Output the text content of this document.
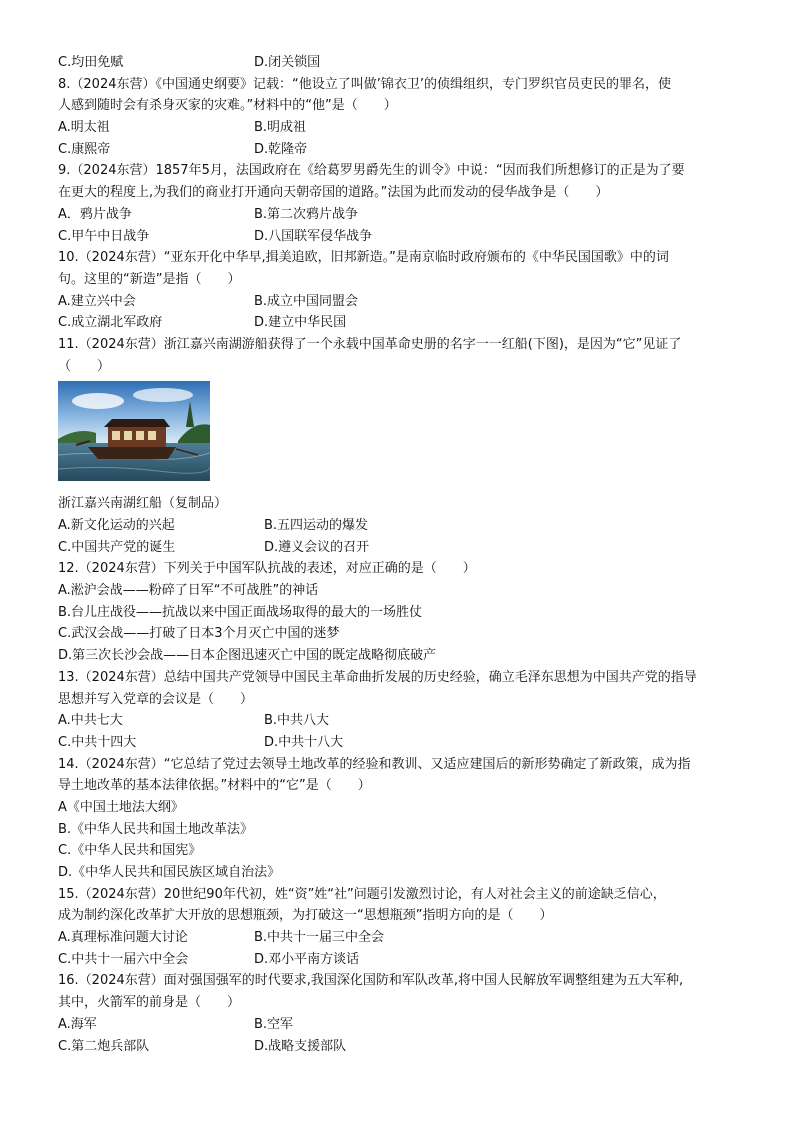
C.均田免赋	D.闭关锁国
8.（2024东营）《中国通史纲要》记载：“他设立了叫做’锦衣卫’的侦缉组织，专门罗织官员吏民的罪名，使
人感到随时会有杀身灭家的灾难。”材料中的“他”是（　　）
A.明太祖	B.明成祖
C.康熙帝	D.乾隆帝
9.（2024东营）1857年5月，法国政府在《给葛罗男爵先生的训令》中说：“因而我们所想修订的正是为了要
在更大的程度上,为我们的商业打开通向天朝帝国的道路。”法国为此而发动的侵华战争是（　　）
A．鸦片战争	B.第二次鸦片战争
C.甲午中日战争	D.八国联军侵华战争
10.（2024东营）“亚东开化中华早,揖美追欧，旧邦新造。”是南京临时政府颁布的《中华民国国歌》中的词
句。这里的“新造”是指（　　）
A.建立兴中会	B.成立中国同盟会
C.成立湖北军政府	D.建立中华民国
11.（2024东营）浙江嘉兴南湖游船获得了一个永载中国革命史册的名字一一红船(下图)，是因为“它”见证了
（　　）
浙江嘉兴南湖红船（复制品）
A.新文化运动的兴起	B.五四运动的爆发
C.中国共产党的诞生	D.遵义会议的召开
12.（2024东营）下列关于中国军队抗战的表述，对应正确的是（　　）
A.淞沪会战——粉碎了日军“不可战胜”的神话
B.台儿庄战役——抗战以来中国正面战场取得的最大的一场胜仗
C.武汉会战——打破了日本3个月灭亡中国的迷梦
D.第三次长沙会战——日本企图迅速灭亡中国的既定战略彻底破产
13.（2024东营）总结中国共产党领导中国民主革命曲折发展的历史经验，确立毛泽东思想为中国共产党的指导
思想并写入党章的会议是（　　）
A.中共七大	B.中共八大
C.中共十四大	D.中共十八大
14.（2024东营）“它总结了党过去领导土地改革的经验和教训、又适应建国后的新形势确定了新政策，成为指
导土地改革的基本法律依据。”材料中的“它”是（　　）
A《中国土地法大纲》
B.《中华人民共和国土地改革法》
C.《中华人民共和国宪》
D.《中华人民共和国民族区域自治法》
15.（2024东营）20世纪90年代初，姓“资”姓“社”问题引发激烈讨论，有人对社会主义的前途缺乏信心，
成为制约深化改革扩大开放的思想瓶颈，为打破这一“思想瓶颈”指明方向的是（　　）
A.真理标准问题大讨论	B.中共十一届三中全会
C.中共十一届六中全会	D.邓小平南方谈话
16.（2024东营）面对强国强军的时代要求,我国深化国防和军队改革,将中国人民解放军调整组建为五大军种,
其中，火箭军的前身是（　　）
A.海军	B.空军
C.第二炮兵部队	D.战略支援部队
